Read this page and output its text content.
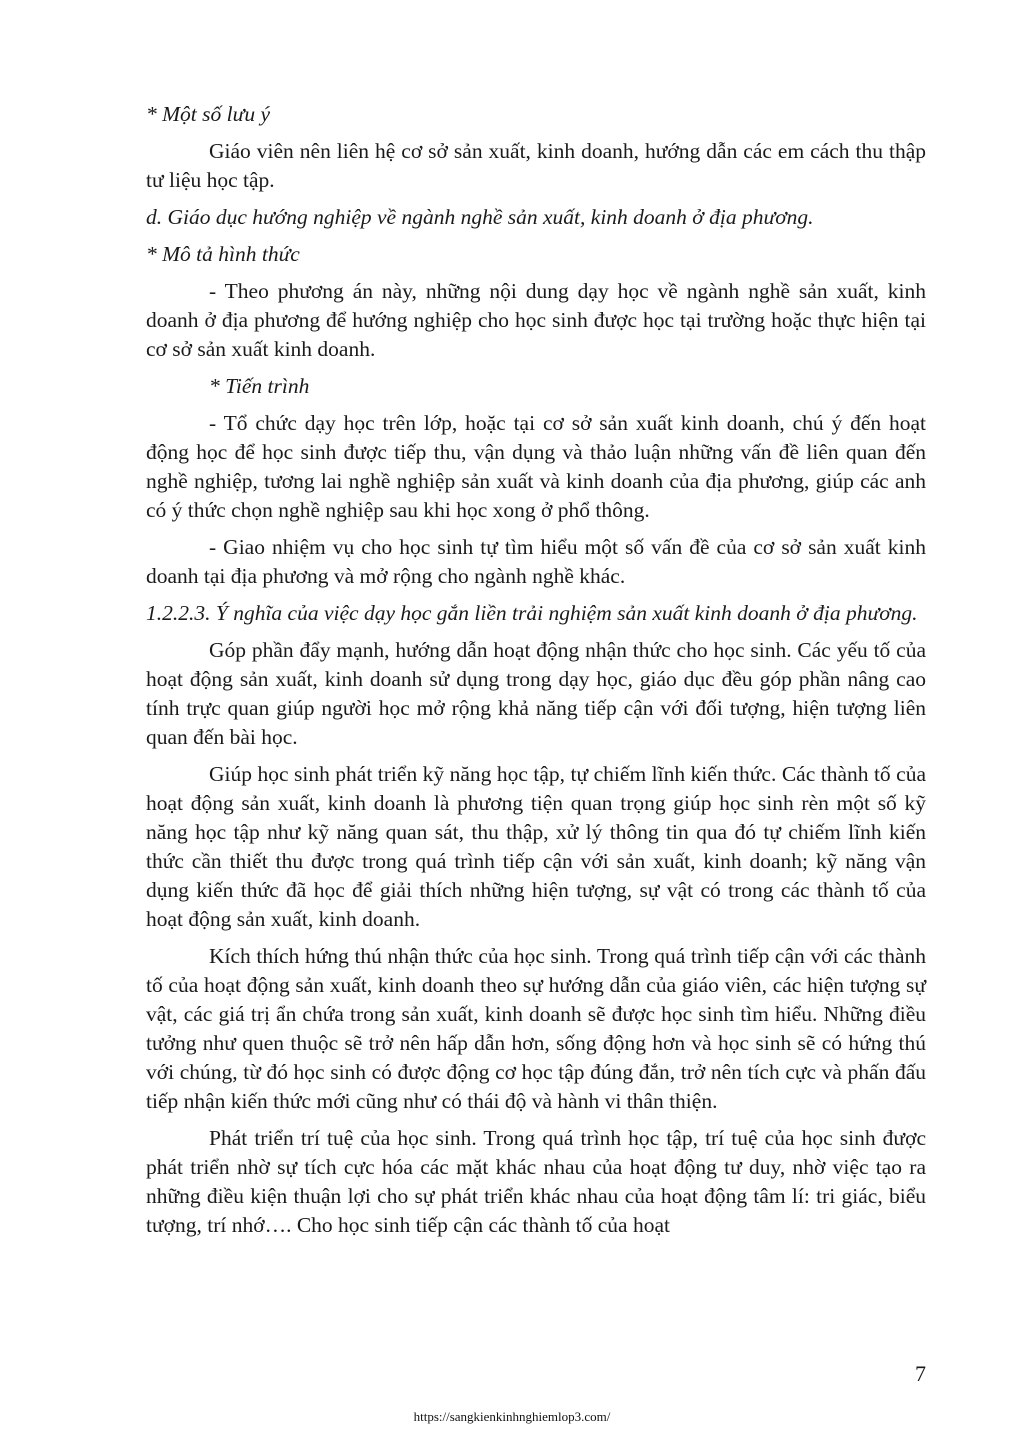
* Một số lưu ý

Giáo viên nên liên hệ cơ sở sản xuất, kinh doanh, hướng dẫn các em cách thu thập tư liệu học tập.

d. Giáo dục hướng nghiệp về ngành nghề sản xuất, kinh doanh ở địa phương.

* Mô tả hình thức

- Theo phương án này, những nội dung dạy học về ngành nghề sản xuất, kinh doanh ở địa phương để hướng nghiệp cho học sinh được học tại trường hoặc thực hiện tại cơ sở sản xuất kinh doanh.

* Tiến trình

- Tổ chức dạy học trên lớp, hoặc tại cơ sở sản xuất kinh doanh, chú ý đến hoạt động học để học sinh được tiếp thu, vận dụng và thảo luận những vấn đề liên quan đến nghề nghiệp, tương lai nghề nghiệp sản xuất và kinh doanh của địa phương, giúp các anh có ý thức chọn nghề nghiệp sau khi học xong ở phổ thông.

- Giao nhiệm vụ cho học sinh tự tìm hiểu một số vấn đề của cơ sở sản xuất kinh doanh tại địa phương và mở rộng cho ngành nghề khác.

1.2.2.3. Ý nghĩa của việc dạy học gắn liền trải nghiệm sản xuất kinh doanh ở địa phương.

Góp phần đẩy mạnh, hướng dẫn hoạt động nhận thức cho học sinh. Các yếu tố của hoạt động sản xuất, kinh doanh sử dụng trong dạy học, giáo dục đều góp phần nâng cao tính trực quan giúp người học mở rộng khả năng tiếp cận với đối tượng, hiện tượng liên quan đến bài học.

Giúp học sinh phát triển kỹ năng học tập, tự chiếm lĩnh kiến thức. Các thành tố của hoạt động sản xuất, kinh doanh là phương tiện quan trọng giúp học sinh rèn một số kỹ năng học tập như kỹ năng quan sát, thu thập, xử lý thông tin qua đó tự chiếm lĩnh kiến thức cần thiết thu được trong quá trình tiếp cận với sản xuất, kinh doanh; kỹ năng vận dụng kiến thức đã học để giải thích những hiện tượng, sự vật có trong các thành tố của hoạt động sản xuất, kinh doanh.

Kích thích hứng thú nhận thức của học sinh. Trong quá trình tiếp cận với các thành tố của hoạt động sản xuất, kinh doanh theo sự hướng dẫn của giáo viên, các hiện tượng sự vật, các giá trị ẩn chứa trong sản xuất, kinh doanh sẽ được học sinh tìm hiểu. Những điều tưởng như quen thuộc sẽ trở nên hấp dẫn hơn, sống động hơn và học sinh sẽ có hứng thú với chúng, từ đó học sinh có được động cơ học tập đúng đắn, trở nên tích cực và phấn đấu tiếp nhận kiến thức mới cũng như có thái độ và hành vi thân thiện.

Phát triển trí tuệ của học sinh. Trong quá trình học tập, trí tuệ của học sinh được phát triển nhờ sự tích cực hóa các mặt khác nhau của hoạt động tư duy, nhờ việc tạo ra những điều kiện thuận lợi cho sự phát triển khác nhau của hoạt động tâm lí: tri giác, biểu tượng, trí nhớ…. Cho học sinh tiếp cận các thành tố của hoạt

7
https://sangkienkinhnghiemlop3.com/
